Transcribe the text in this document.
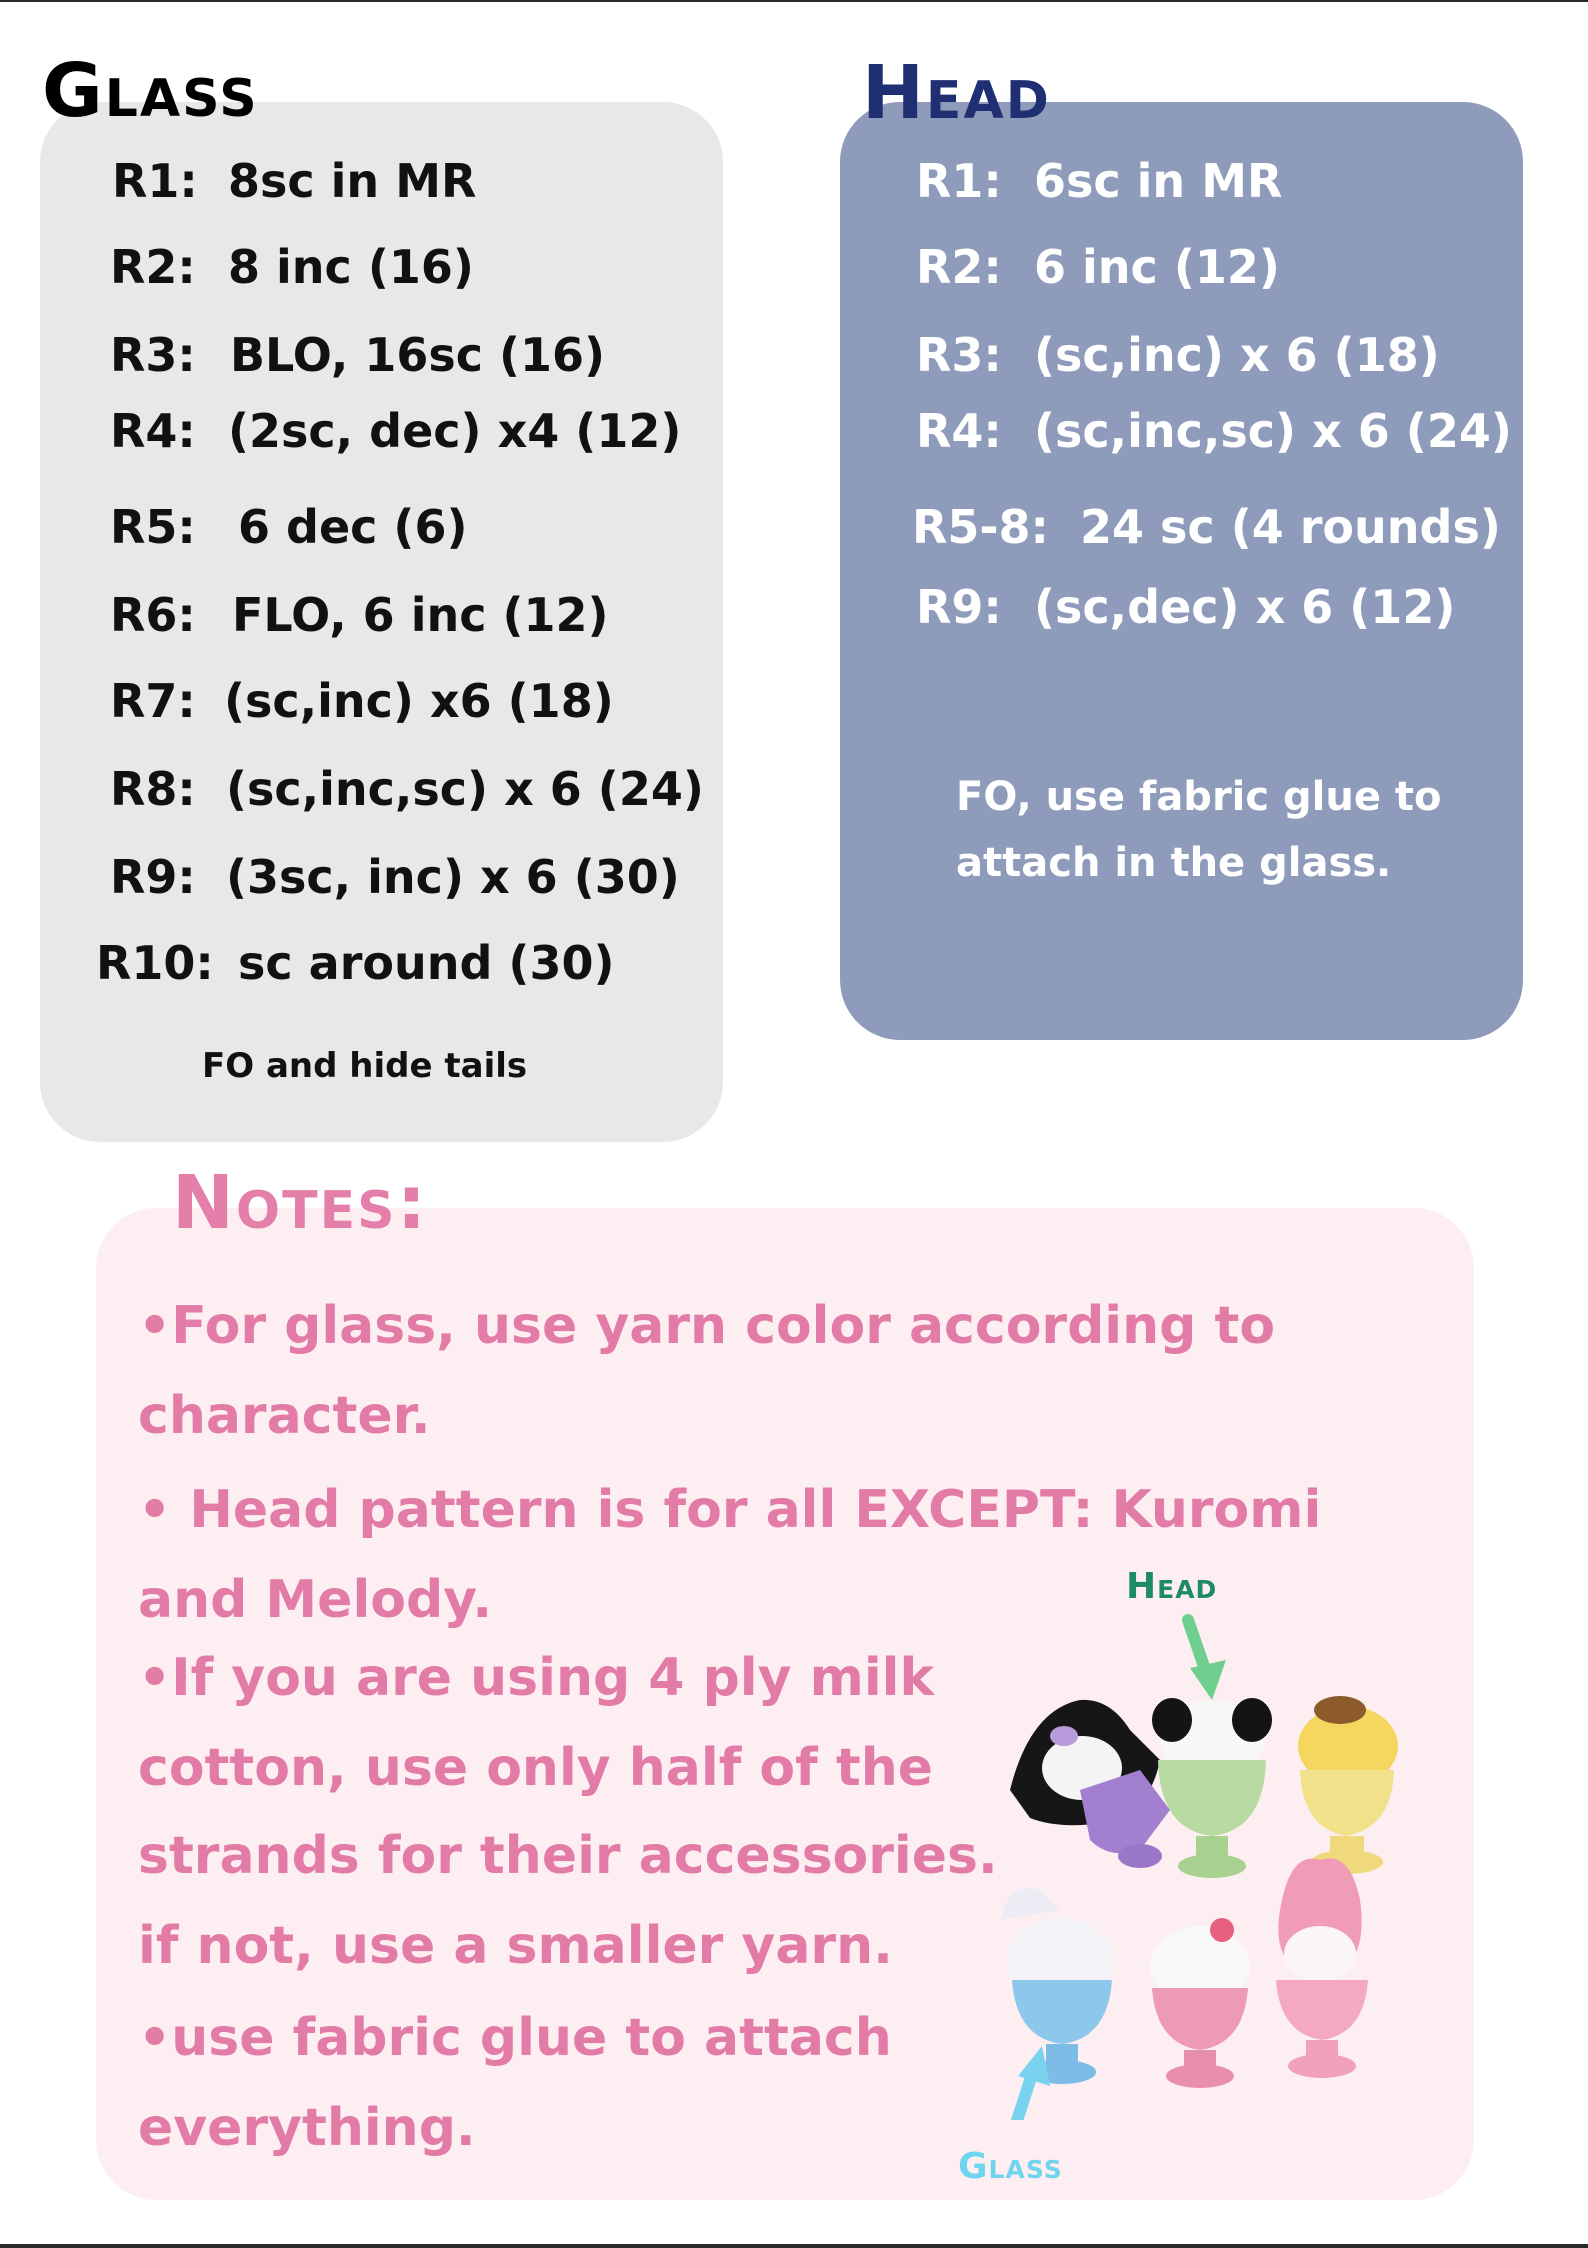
Glass
R1: 8sc in MR
R2: 8 inc (16)
R3: BLO, 16sc (16)
R4: (2sc, dec) x4 (12)
R5: 6 dec (6)
R6: FLO, 6 inc (12)
R7: (sc,inc) x6 (18)
R8: (sc,inc,sc) x 6 (24)
R9: (3sc, inc) x 6 (30)
R10: sc around (30)
FO and hide tails
Head
R1: 6sc in MR
R2: 6 inc (12)
R3: (sc,inc) x 6 (18)
R4: (sc,inc,sc) x 6 (24)
R5-8: 24 sc (4 rounds)
R9: (sc,dec) x 6 (12)
FO, use fabric glue to
attach in the glass.
Notes:
•For glass, use yarn color according to
character.
• Head pattern is for all EXCEPT: Kuromi
and Melody.
•If you are using 4 ply milk
cotton, use only half of the
strands for their accessories.
if not, use a smaller yarn.
•use fabric glue to attach
everything.
Head
Glass
